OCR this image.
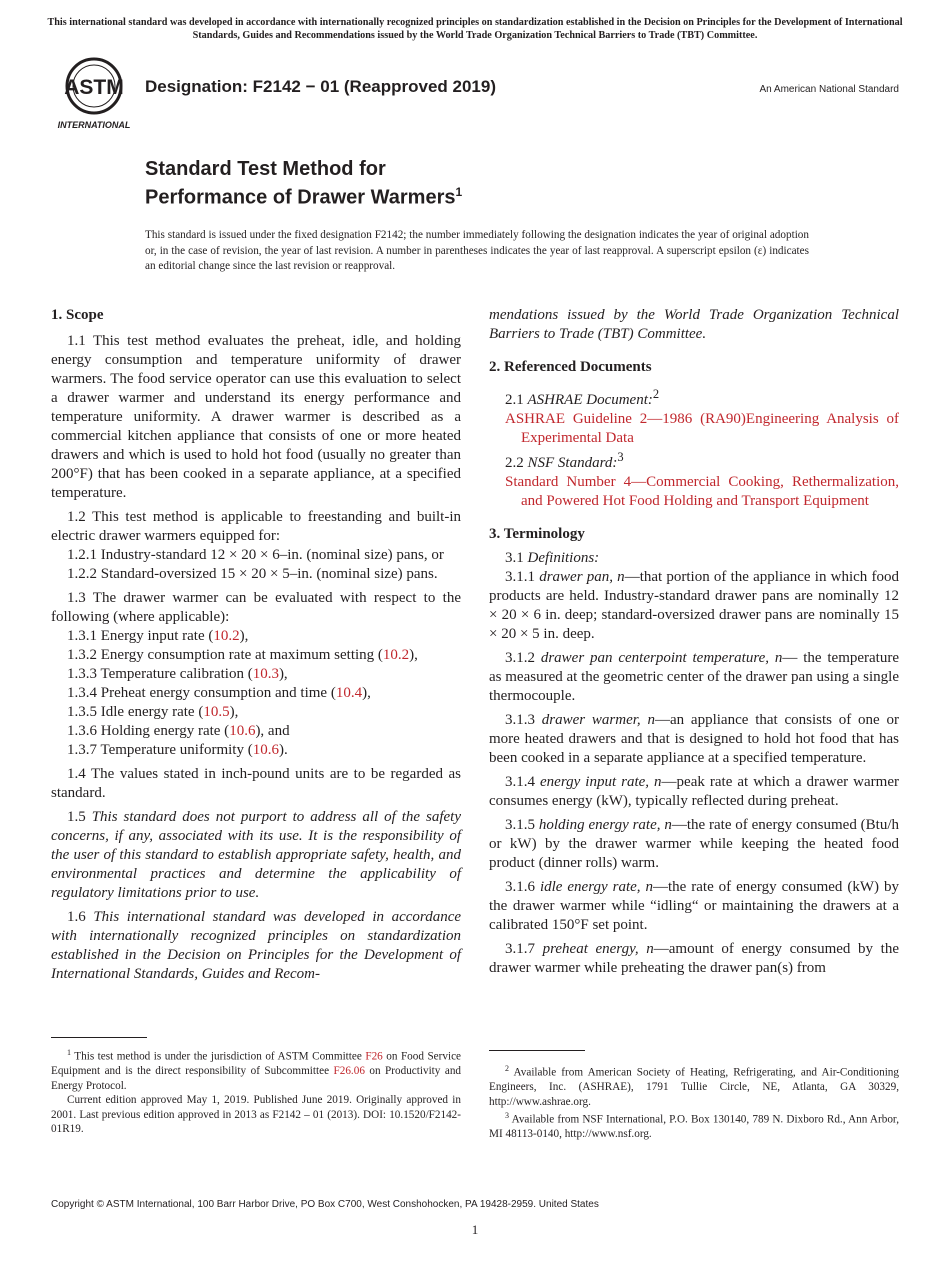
This international standard was developed in accordance with internationally recognized principles on standardization established in the Decision on Principles for the Development of International Standards, Guides and Recommendations issued by the World Trade Organization Technical Barriers to Trade (TBT) Committee.
ASTM
INTERNATIONAL
Designation: F2142 − 01 (Reapproved 2019)	An American National Standard
Standard Test Method for
Performance of Drawer Warmers$^1$
This standard is issued under the fixed designation F2142; the number immediately following the designation indicates the year of original adoption or, in the case of revision, the year of last revision. A number in parentheses indicates the year of last reapproval. A superscript epsilon (ε) indicates an editorial change since the last revision or reapproval.
1. Scope

1.1 This test method evaluates the preheat, idle, and holding energy consumption and temperature uniformity of drawer warmers. The food service operator can use this evaluation to select a drawer warmer and understand its energy performance and temperature uniformity. A drawer warmer is described as a commercial kitchen appliance that consists of one or more heated drawers and which is used to hold hot food (usually no greater than 200°F) that has been cooked in a separate appliance, at a specified temperature.

1.2 This test method is applicable to freestanding and built-in electric drawer warmers equipped for:

1.2.1 Industry-standard 12 × 20 × 6–in. (nominal size) pans, or

1.2.2 Standard-oversized 15 × 20 × 5–in. (nominal size) pans.

1.3 The drawer warmer can be evaluated with respect to the following (where applicable):

1.3.1 Energy input rate (10.2),

1.3.2 Energy consumption rate at maximum setting (10.2),

1.3.3 Temperature calibration (10.3),

1.3.4 Preheat energy consumption and time (10.4),

1.3.5 Idle energy rate (10.5),

1.3.6 Holding energy rate (10.6), and

1.3.7 Temperature uniformity (10.6).

1.4 The values stated in inch-pound units are to be regarded as standard.

1.5 This standard does not purport to address all of the safety concerns, if any, associated with its use. It is the responsibility of the user of this standard to establish appropriate safety, health, and environmental practices and determine the applicability of regulatory limitations prior to use.

1.6 This international standard was developed in accordance with internationally recognized principles on standardization established in the Decision on Principles for the Development of International Standards, Guides and Recom-

mendations issued by the World Trade Organization Technical Barriers to Trade (TBT) Committee.

2. Referenced Documents

2.1 ASHRAE Document:$^2$

ASHRAE Guideline 2—1986 (RA90)Engineering Analysis of Experimental Data

2.2 NSF Standard:$^3$

Standard Number 4—Commercial Cooking, Rethermalization, and Powered Hot Food Holding and Transport Equipment

3. Terminology

3.1 Definitions:

3.1.1 drawer pan, n—that portion of the appliance in which food products are held. Industry-standard drawer pans are nominally 12 × 20 × 6 in. deep; standard-oversized drawer pans are nominally 15 × 20 × 5 in. deep.

3.1.2 drawer pan centerpoint temperature, n— the temperature as measured at the geometric center of the drawer pan using a single thermocouple.

3.1.3 drawer warmer, n—an appliance that consists of one or more heated drawers and that is designed to hold hot food that has been cooked in a separate appliance at a specified temperature.

3.1.4 energy input rate, n—peak rate at which a drawer warmer consumes energy (kW), typically reflected during preheat.

3.1.5 holding energy rate, n—the rate of energy consumed (Btu/h or kW) by the drawer warmer while keeping the heated food product (dinner rolls) warm.

3.1.6 idle energy rate, n—the rate of energy consumed (kW) by the drawer warmer while “idling“ or maintaining the drawers at a calibrated 150°F set point.

3.1.7 preheat energy, n—amount of energy consumed by the drawer warmer while preheating the drawer pan(s) from

$^1$ This test method is under the jurisdiction of ASTM Committee F26 on Food Service Equipment and is the direct responsibility of Subcommittee F26.06 on Productivity and Energy Protocol.

Current edition approved May 1, 2019. Published June 2019. Originally approved in 2001. Last previous edition approved in 2013 as F2142 – 01 (2013). DOI: 10.1520/F2142-01R19.

$^2$ Available from American Society of Heating, Refrigerating, and Air-Conditioning Engineers, Inc. (ASHRAE), 1791 Tullie Circle, NE, Atlanta, GA 30329, http://www.ashrae.org.

$^3$ Available from NSF International, P.O. Box 130140, 789 N. Dixboro Rd., Ann Arbor, MI 48113-0140, http://www.nsf.org.

Copyright © ASTM International, 100 Barr Harbor Drive, PO Box C700, West Conshohocken, PA 19428-2959. United States
1
